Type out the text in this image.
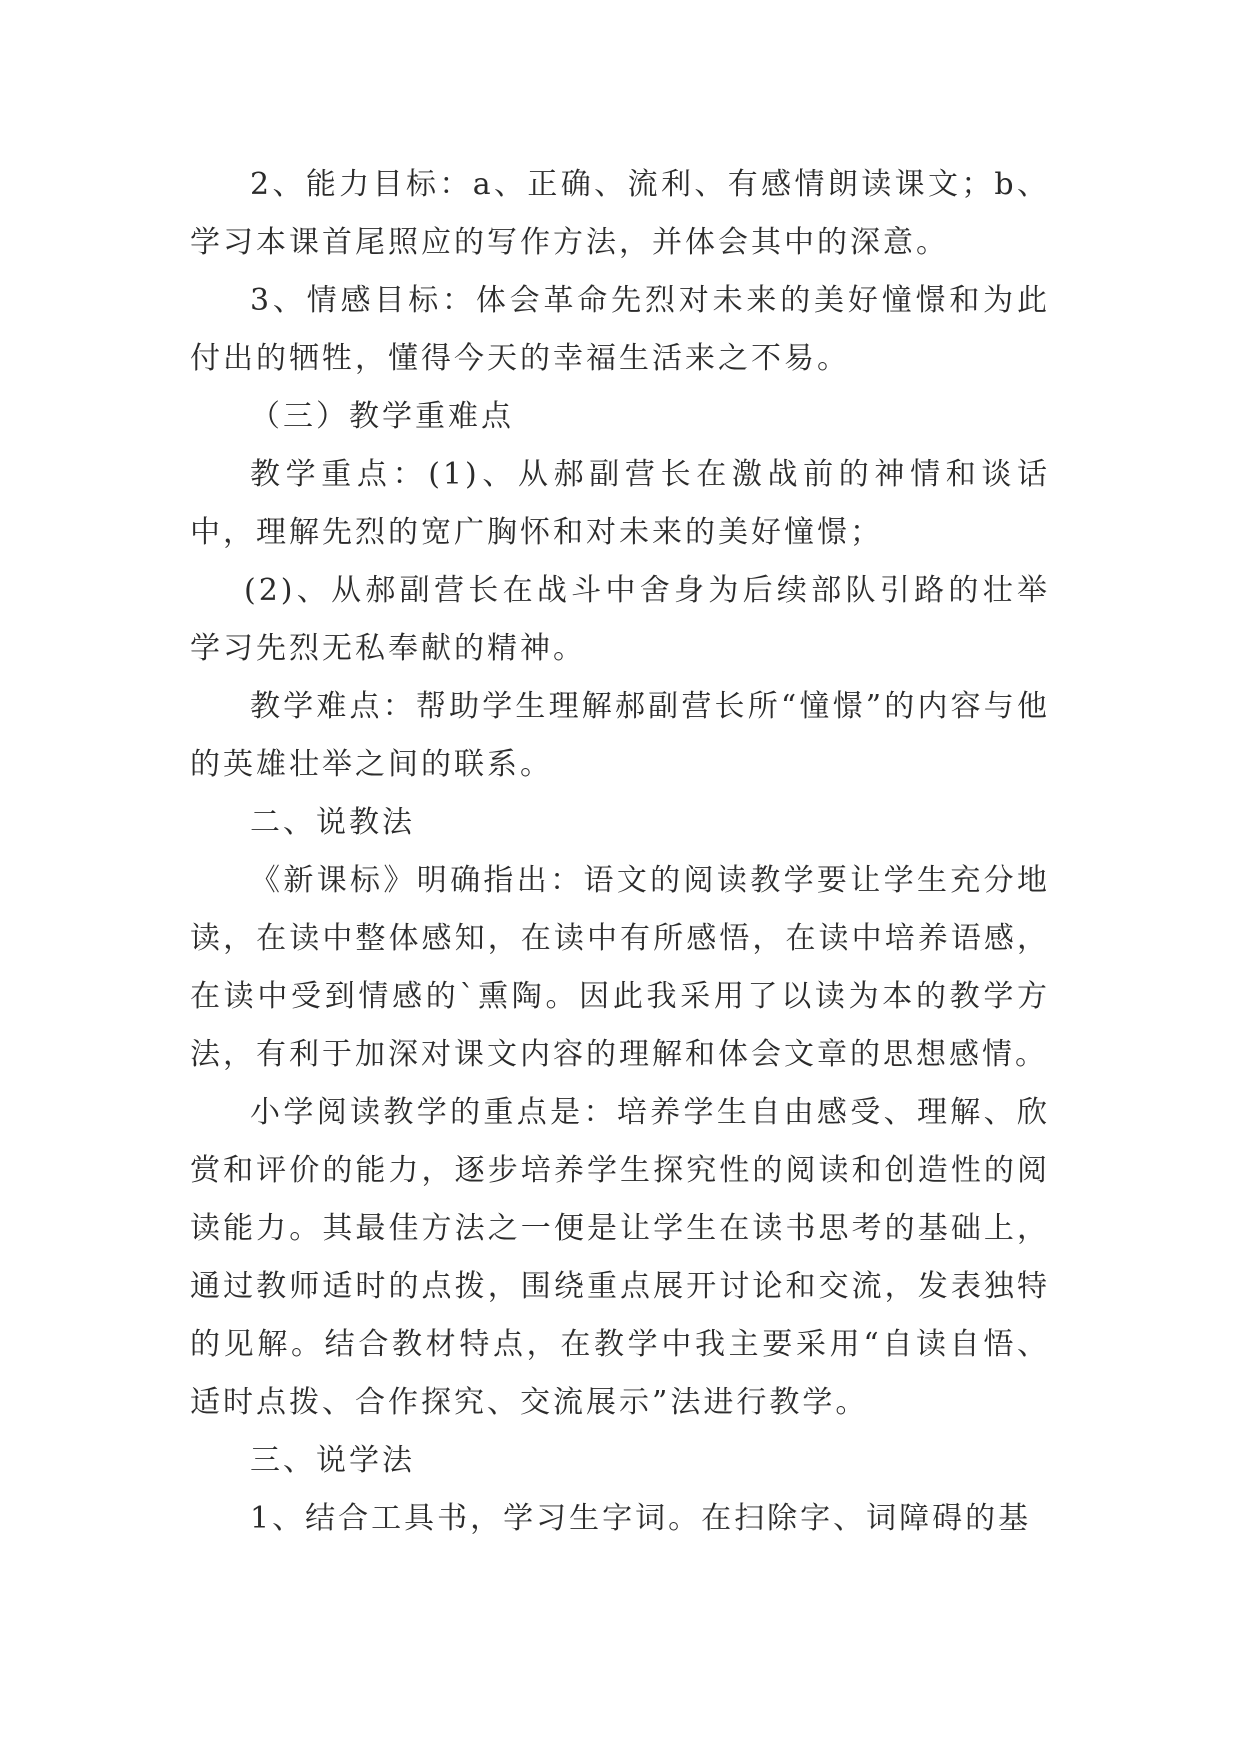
2、能力目标：a、正确、流利、有感情朗读课文；b、学习本课首尾照应的写作方法，并体会其中的深意。

3、情感目标：体会革命先烈对未来的美好憧憬和为此付出的牺牲，懂得今天的幸福生活来之不易。

（三）教学重难点

教学重点：(1)、从郝副营长在激战前的神情和谈话中，理解先烈的宽广胸怀和对未来的美好憧憬；

(2)、从郝副营长在战斗中舍身为后续部队引路的壮举学习先烈无私奉献的精神。

教学难点：帮助学生理解郝副营长所“憧憬”的内容与他的英雄壮举之间的联系。

二、说教法

《新课标》明确指出：语文的阅读教学要让学生充分地读，在读中整体感知，在读中有所感悟，在读中培养语感，在读中受到情感的`熏陶。因此我采用了以读为本的教学方法，有利于加深对课文内容的理解和体会文章的思想感情。

小学阅读教学的重点是：培养学生自由感受、理解、欣赏和评价的能力，逐步培养学生探究性的阅读和创造性的阅读能力。其最佳方法之一便是让学生在读书思考的基础上，通过教师适时的点拨，围绕重点展开讨论和交流，发表独特的见解。结合教材特点，在教学中我主要采用“自读自悟、适时点拨、合作探究、交流展示”法进行教学。

三、说学法

1、结合工具书，学习生字词。在扫除字、词障碍的基
